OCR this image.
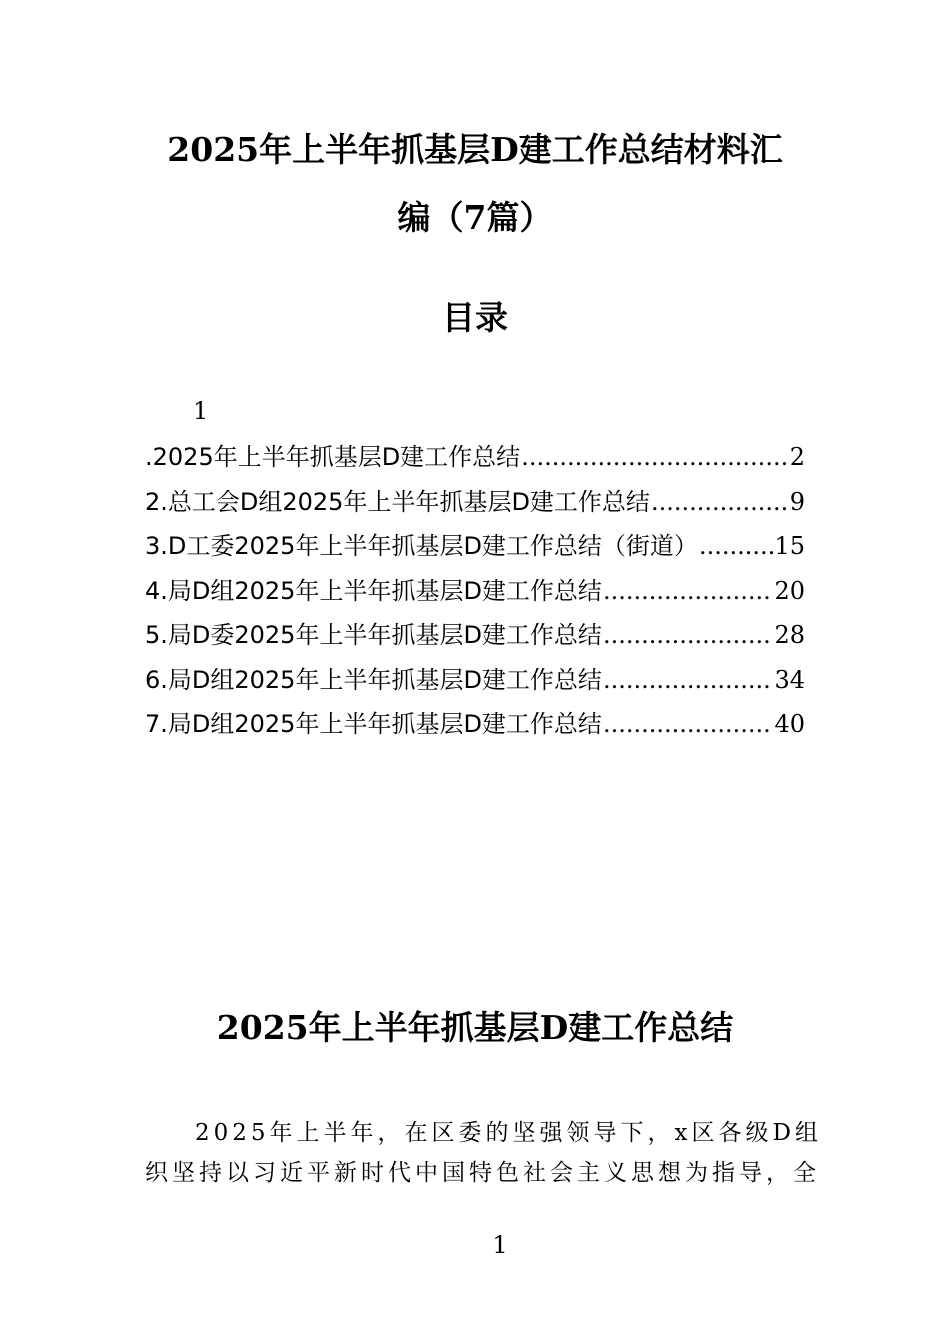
2025年上半年抓基层D建工作总结材料汇
编（7篇）
目录
1
.2025年上半年抓基层D建工作总结 .....	2
2.总工会D组2025年上半年抓基层D建工作总结 .....	9
3.D工委2025年上半年抓基层D建工作总结（街道） .....	15
4.局D组2025年上半年抓基层D建工作总结 .....	20
5.局D委2025年上半年抓基层D建工作总结 .....	28
6.局D组2025年上半年抓基层D建工作总结 .....	34
7.局D组2025年上半年抓基层D建工作总结 .....	40
2025年上半年抓基层D建工作总结

2025年上半年，在区委的坚强领导下，x区各级D组
织坚持以习近平新时代中国特色社会主义思想为指导，全

1
